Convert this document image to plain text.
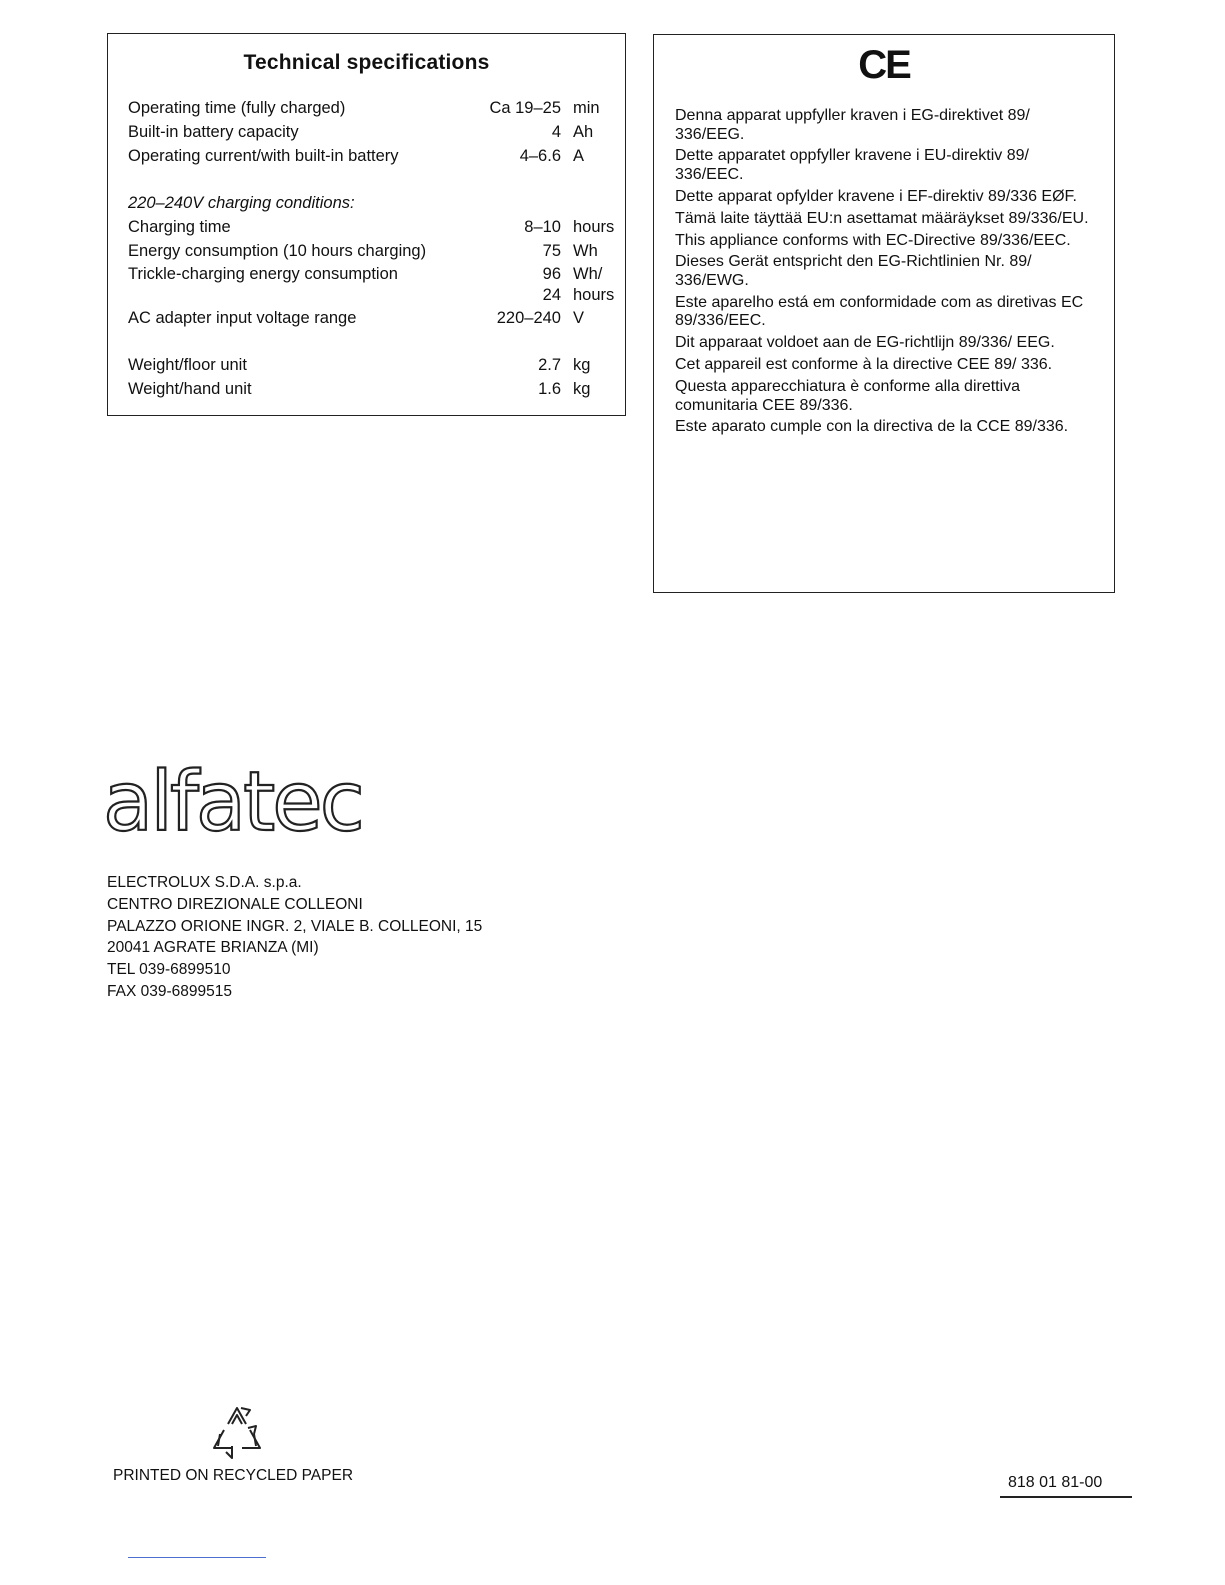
Technical specifications
Operating time (fully charged)	Ca 19–25 min
Built-in battery capacity	4 Ah
Operating current/with built-in battery	4–6.6 A
220–240V charging conditions:
Charging time	8–10 hours
Energy consumption (10 hours charging)	75 Wh
Trickle-charging energy consumption	96 Wh/
24 hours
AC adapter input voltage range	220–240 V
Weight/floor unit	2.7 kg
Weight/hand unit	1.6 kg
CE

Denna apparat uppfyller kraven i EG-direktivet 89/ 336/EEG.

Dette apparatet oppfyller kravene i EU-direktiv 89/ 336/EEC.

Dette apparat opfylder kravene i EF-direktiv 89/336 EØF.

Tämä laite täyttää EU:n asettamat määräykset 89/336/EU.

This appliance conforms with EC-Directive 89/336/EEC.

Dieses Gerät entspricht den EG-Richtlinien Nr. 89/ 336/EWG.

Este aparelho está em conformidade com as diretivas EC 89/336/EEC.

Dit apparaat voldoet aan de EG-richtlijn 89/336/ EEG.

Cet appareil est conforme à la directive CEE 89/ 336.

Questa apparecchiatura è conforme alla direttiva comunitaria CEE 89/336.

Este aparato cumple con la directiva de la CCE 89/336.

alfatec
ELECTROLUX S.D.A. s.p.a.
CENTRO DIREZIONALE COLLEONI
PALAZZO ORIONE INGR. 2, VIALE B. COLLEONI, 15
20041 AGRATE BRIANZA (MI)
TEL 039-6899510
FAX 039-6899515
PRINTED ON RECYCLED PAPER	818 01 81-00
